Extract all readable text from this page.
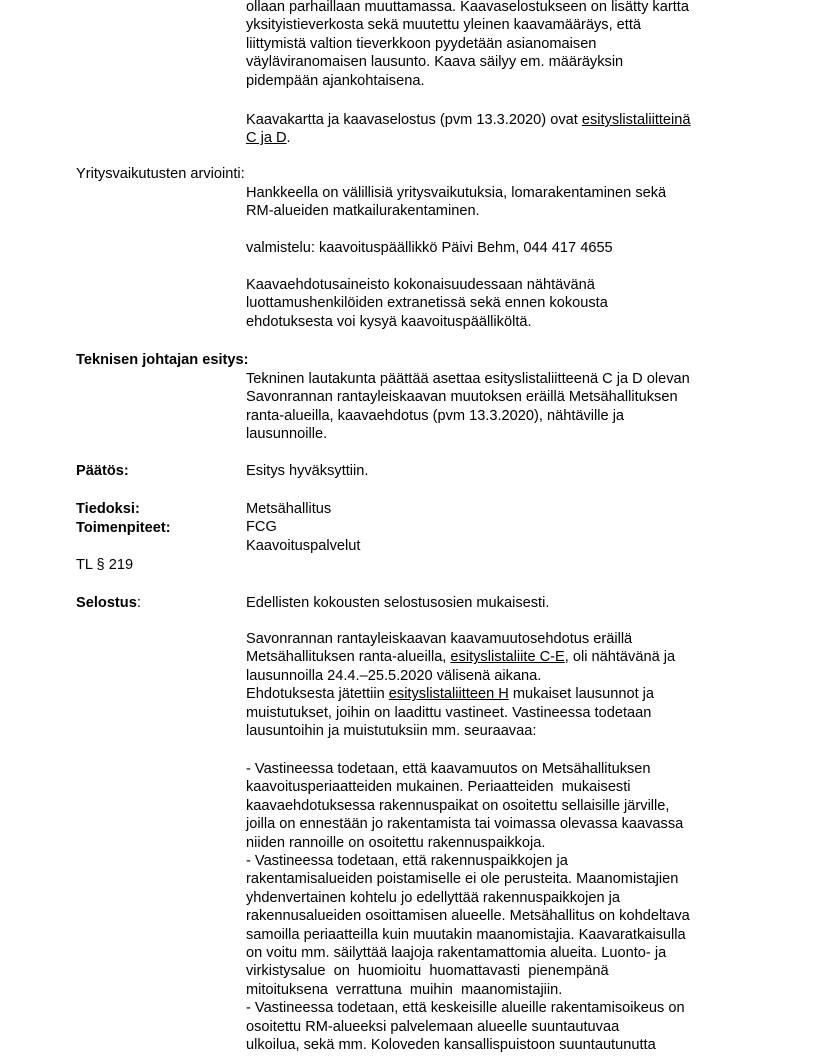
ollaan parhaillaan muuttamassa. Kaavaselostukseen on lisätty kartta
yksityistieverkosta sekä muutettu yleinen kaavamääräys, että
liittymistä valtion tieverkkoon pyydetään asianomaisen
väyläviranomaisen lausunto. Kaava säilyy em. määräyksin
pidempään ajankohtaisena.
Kaavakartta ja kaavaselostus (pvm 13.3.2020) ovat esityslistaliitteinä
C ja D.
Yritysvaikutusten arviointi:
Hankkeella on välillisiä yritysvaikutuksia, lomarakentaminen sekä
RM-alueiden matkailurakentaminen.
valmistelu: kaavoituspäällikkö Päivi Behm, 044 417 4655
Kaavaehdotusaineisto kokonaisuudessaan nähtävänä
luottamushenkilöiden extranetissä sekä ennen kokousta
ehdotuksesta voi kysyä kaavoituspäälliköltä.
Teknisen johtajan esitys:
Tekninen lautakunta päättää asettaa esityslistaliitteenä C ja D olevan
Savonrannan rantayleiskaavan muutoksen eräillä Metsähallituksen
ranta-alueilla, kaavaehdotus (pvm 13.3.2020), nähtäville ja
lausunnoille.
Päätös:	Esitys hyväksyttiin.
Tiedoksi:
Toimenpiteet:
Metsähallitus
FCG
Kaavoituspalvelut
TL § 219
Selostus:	Edellisten kokousten selostusosien mukaisesti.
Savonrannan rantayleiskaavan kaavamuutosehdotus eräillä
Metsähallituksen ranta-alueilla, esityslistaliite C-E, oli nähtävänä ja
lausunnoilla 24.4.–25.5.2020 välisenä aikana.
Ehdotuksesta jätettiin esityslistaliitteen H mukaiset lausunnot ja
muistutukset, joihin on laadittu vastineet. Vastineessa todetaan
lausuntoihin ja muistutuksiin mm. seuraavaa:
- Vastineessa todetaan, että kaavamuutos on Metsähallituksen
kaavoitusperiaatteiden mukainen. Periaatteiden  mukaisesti
kaavaehdotuksessa rakennuspaikat on osoitettu sellaisille järville,
joilla on ennestään jo rakentamista tai voimassa olevassa kaavassa
niiden rannoille on osoitettu rakennuspaikkoja.
- Vastineessa todetaan, että rakennuspaikkojen ja
rakentamisalueiden poistamiselle ei ole perusteita. Maanomistajien
yhdenvertainen kohtelu jo edellyttää rakennuspaikkojen ja
rakennusalueiden osoittamisen alueelle. Metsähallitus on kohdeltava
samoilla periaatteilla kuin muutakin maanomistajia. Kaavaratkaisulla
on voitu mm. säilyttää laajoja rakentamattomia alueita. Luonto- ja
virkistysalue  on  huomioitu  huomattavasti  pienempänä
mitoituksena  verrattuna  muihin  maanomistajiin.
- Vastineessa todetaan, että keskeisille alueille rakentamisoikeus on
osoitettu RM-alueeksi palvelemaan alueelle suuntautuvaa
ulkoilua, sekä mm. Koloveden kansallispuistoon suuntautunutta
